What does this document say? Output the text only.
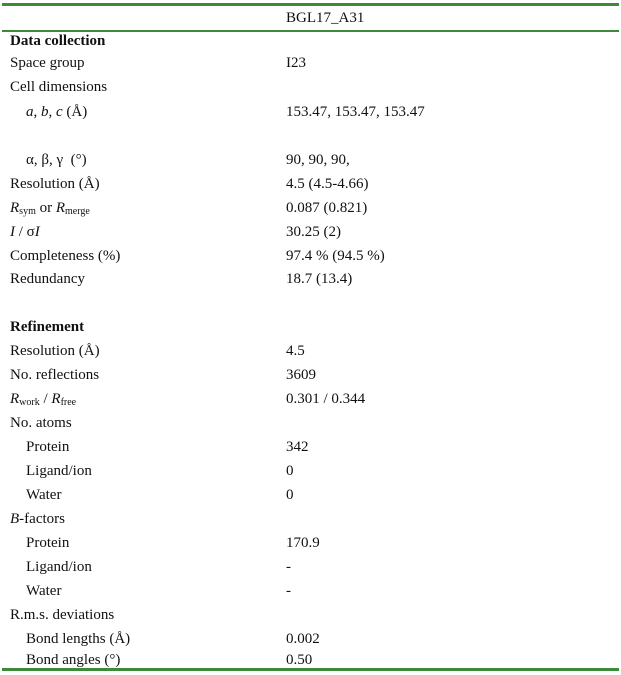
BGL17_A31
Data collection
Space group	I23
Cell dimensions
a, b, c (Å)	153.47, 153.47, 153.47
α, β, γ  (°)	90, 90, 90,
Resolution (Å)	4.5 (4.5-4.66)
$R_{sym}$ or $R_{merge}$	0.087 (0.821)
I / σI	30.25 (2)
Completeness (%)	97.4 % (94.5 %)
Redundancy	18.7 (13.4)
Refinement
Resolution (Å)	4.5
No. reflections	3609
$R_{work} / R_{free}$	0.301 / 0.344
No. atoms
Protein	342
Ligand/ion	0
Water	0
B-factors
Protein	170.9
Ligand/ion	-
Water	-
R.m.s. deviations
Bond lengths (Å)	0.002
Bond angles (°)	0.50
